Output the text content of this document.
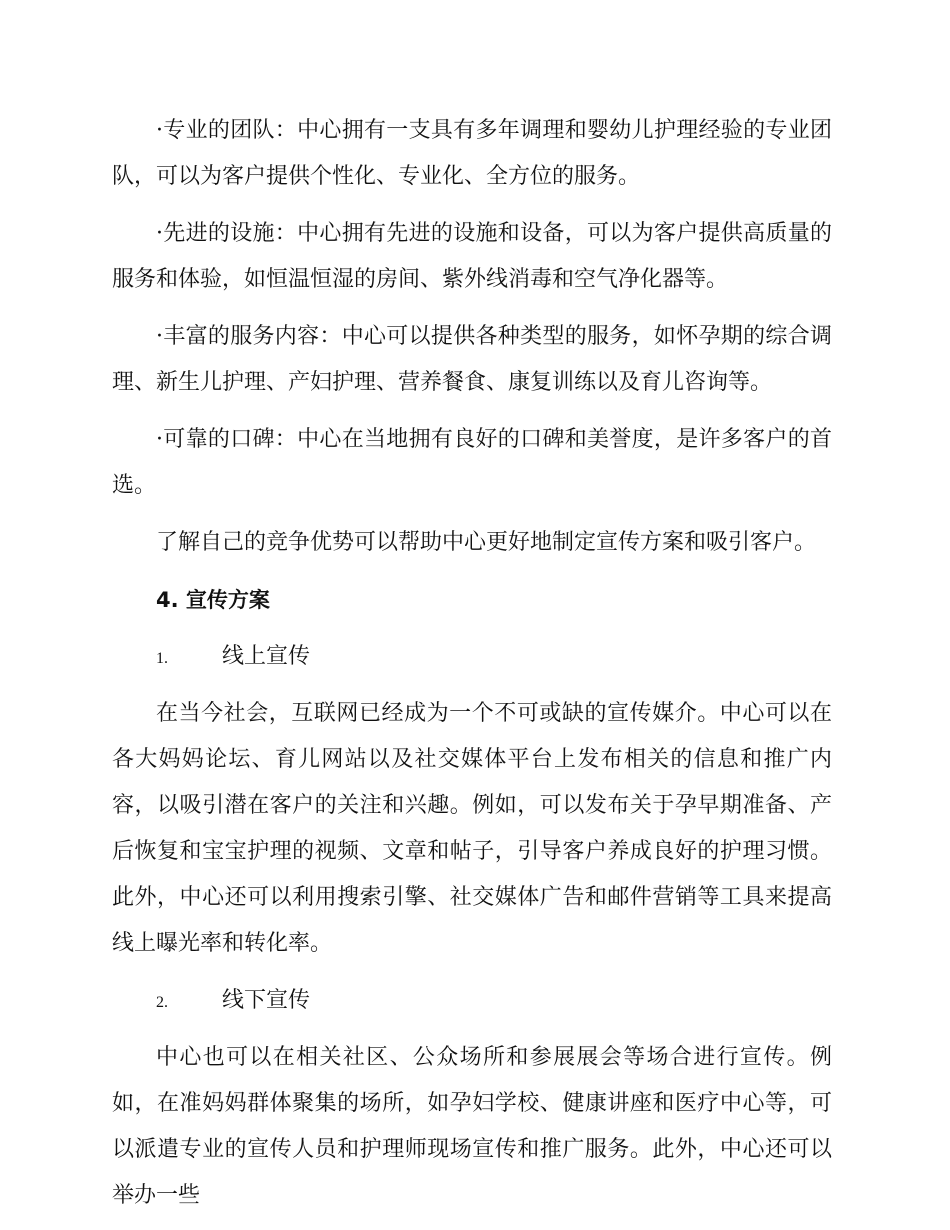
·专业的团队：中心拥有一支具有多年调理和婴幼儿护理经验的专业团队，可以为客户提供个性化、专业化、全方位的服务。

·先进的设施：中心拥有先进的设施和设备，可以为客户提供高质量的服务和体验，如恒温恒湿的房间、紫外线消毒和空气净化器等。

·丰富的服务内容：中心可以提供各种类型的服务，如怀孕期的综合调理、新生儿护理、产妇护理、营养餐食、康复训练以及育儿咨询等。

·可靠的口碑：中心在当地拥有良好的口碑和美誉度，是许多客户的首选。

了解自己的竞争优势可以帮助中心更好地制定宣传方案和吸引客户。

4. 宣传方案

1. 线上宣传

在当今社会，互联网已经成为一个不可或缺的宣传媒介。中心可以在各大妈妈论坛、育儿网站以及社交媒体平台上发布相关的信息和推广内容，以吸引潜在客户的关注和兴趣。例如，可以发布关于孕早期准备、产后恢复和宝宝护理的视频、文章和帖子，引导客户养成良好的护理习惯。此外，中心还可以利用搜索引擎、社交媒体广告和邮件营销等工具来提高线上曝光率和转化率。

2. 线下宣传

中心也可以在相关社区、公众场所和参展展会等场合进行宣传。例如，在准妈妈群体聚集的场所，如孕妇学校、健康讲座和医疗中心等，可以派遣专业的宣传人员和护理师现场宣传和推广服务。此外，中心还可以举办一些
